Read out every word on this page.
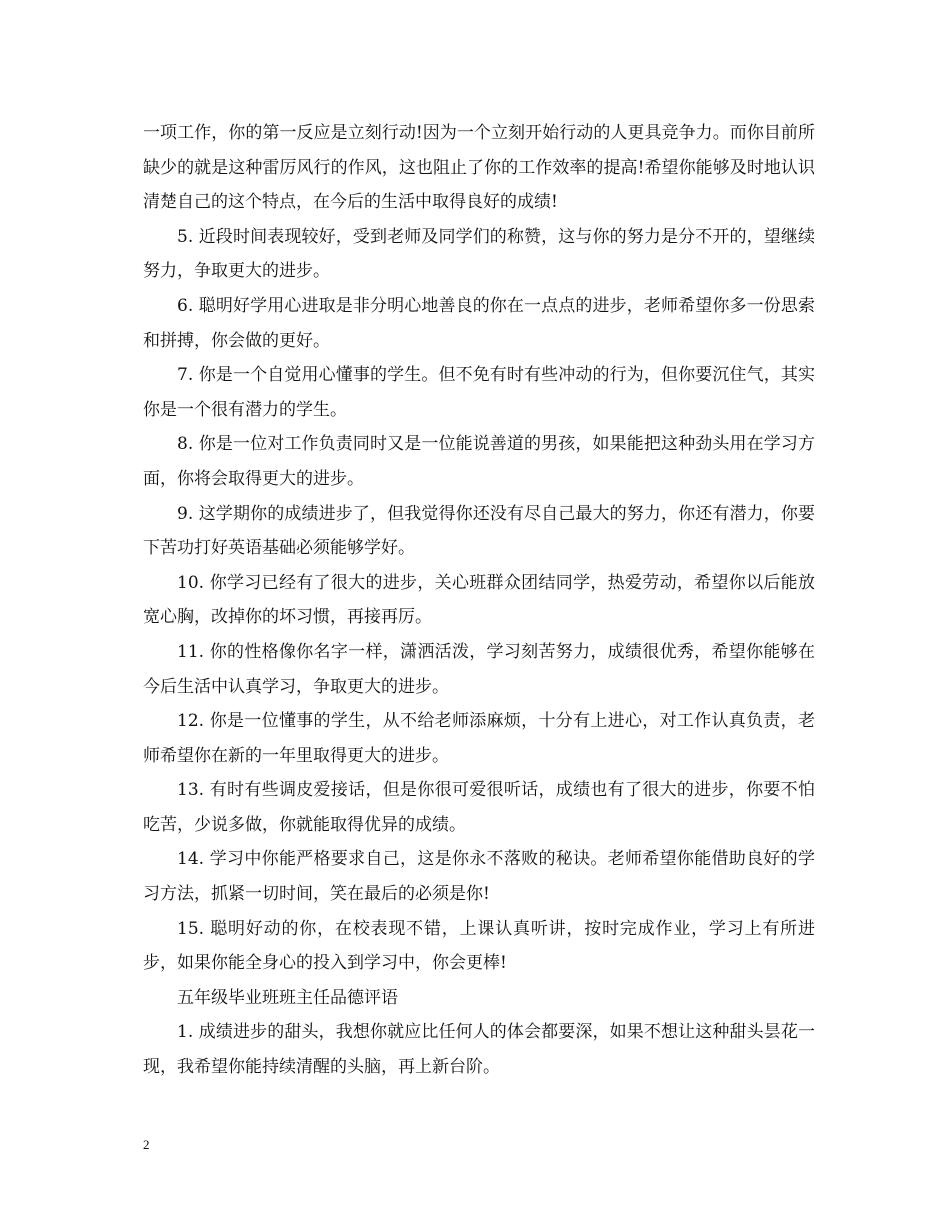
一项工作，你的第一反应是立刻行动!因为一个立刻开始行动的人更具竞争力。而你目前所缺少的就是这种雷厉风行的作风，这也阻止了你的工作效率的提高!希望你能够及时地认识清楚自己的这个特点，在今后的生活中取得良好的成绩!

5. 近段时间表现较好，受到老师及同学们的称赞，这与你的努力是分不开的，望继续努力，争取更大的进步。

6. 聪明好学用心进取是非分明心地善良的你在一点点的进步，老师希望你多一份思索和拼搏，你会做的更好。

7. 你是一个自觉用心懂事的学生。但不免有时有些冲动的行为，但你要沉住气，其实你是一个很有潜力的学生。

8. 你是一位对工作负责同时又是一位能说善道的男孩，如果能把这种劲头用在学习方面，你将会取得更大的进步。

9. 这学期你的成绩进步了，但我觉得你还没有尽自己最大的努力，你还有潜力，你要下苦功打好英语基础必须能够学好。

10. 你学习已经有了很大的进步，关心班群众团结同学，热爱劳动，希望你以后能放宽心胸，改掉你的坏习惯，再接再厉。

11. 你的性格像你名字一样，潇洒活泼，学习刻苦努力，成绩很优秀，希望你能够在今后生活中认真学习，争取更大的进步。

12. 你是一位懂事的学生，从不给老师添麻烦，十分有上进心，对工作认真负责，老师希望你在新的一年里取得更大的进步。

13. 有时有些调皮爱接话，但是你很可爱很听话，成绩也有了很大的进步，你要不怕吃苦，少说多做，你就能取得优异的成绩。

14. 学习中你能严格要求自己，这是你永不落败的秘诀。老师希望你能借助良好的学习方法，抓紧一切时间，笑在最后的必须是你!

15. 聪明好动的你，在校表现不错，上课认真听讲，按时完成作业，学习上有所进步，如果你能全身心的投入到学习中，你会更棒!

五年级毕业班班主任品德评语

1. 成绩进步的甜头，我想你就应比任何人的体会都要深，如果不想让这种甜头昙花一现，我希望你能持续清醒的头脑，再上新台阶。

2
